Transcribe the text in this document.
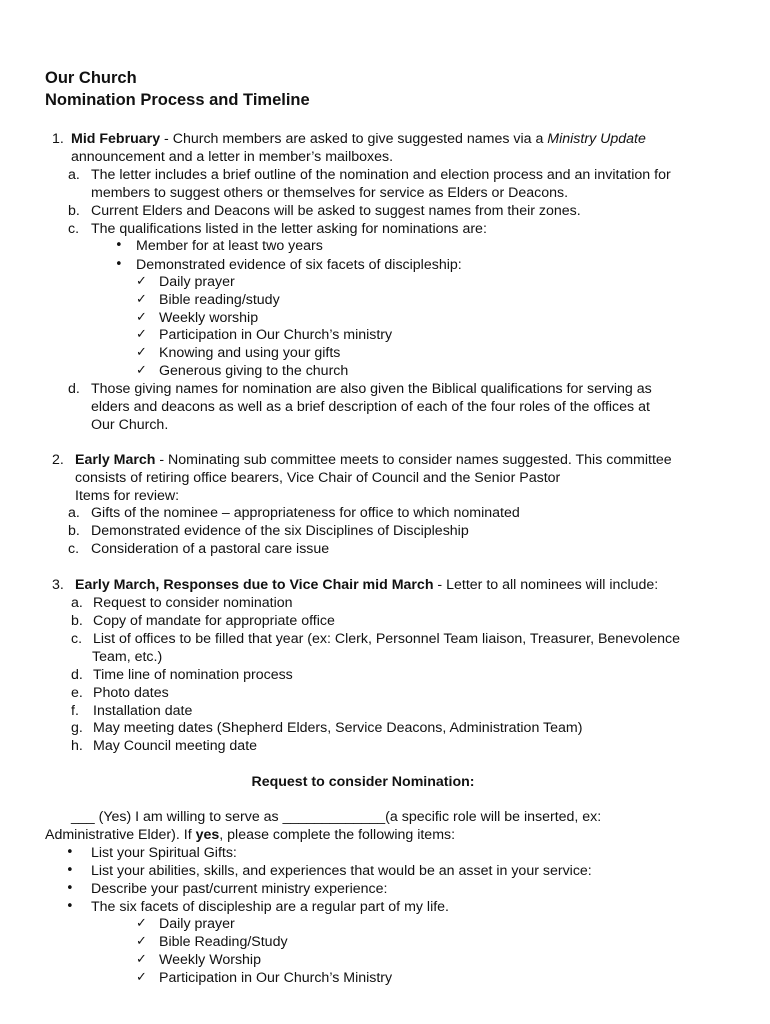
Our Church
Nomination Process and Timeline
1. Mid February - Church members are asked to give suggested names via a Ministry Update
announcement and a letter in member’s mailboxes.
a. The letter includes a brief outline of the nomination and election process and an invitation for
members to suggest others or themselves for service as Elders or Deacons.
b. Current Elders and Deacons will be asked to suggest names from their zones.
c. The qualifications listed in the letter asking for nominations are:
• Member for at least two years
• Demonstrated evidence of six facets of discipleship:
✓ Daily prayer
✓ Bible reading/study
✓ Weekly worship
✓ Participation in Our Church’s ministry
✓ Knowing and using your gifts
✓ Generous giving to the church
d. Those giving names for nomination are also given the Biblical qualifications for serving as
elders and deacons as well as a brief description of each of the four roles of the offices at
Our Church.
2. Early March - Nominating sub committee meets to consider names suggested. This committee
consists of retiring office bearers, Vice Chair of Council and the Senior Pastor
Items for review:
a. Gifts of the nominee – appropriateness for office to which nominated
b. Demonstrated evidence of the six Disciplines of Discipleship
c. Consideration of a pastoral care issue
3. Early March, Responses due to Vice Chair mid March - Letter to all nominees will include:
a. Request to consider nomination
b. Copy of mandate for appropriate office
c. List of offices to be filled that year (ex: Clerk, Personnel Team liaison, Treasurer, Benevolence
Team, etc.)
d. Time line of nomination process
e. Photo dates
f. Installation date
g. May meeting dates (Shepherd Elders, Service Deacons, Administration Team)
h. May Council meeting date
Request to consider Nomination:
___ (Yes) I am willing to serve as _____________(a specific role will be inserted, ex:
Administrative Elder). If yes, please complete the following items:
• List your Spiritual Gifts:
• List your abilities, skills, and experiences that would be an asset in your service:
• Describe your past/current ministry experience:
• The six facets of discipleship are a regular part of my life.
✓ Daily prayer
✓ Bible Reading/Study
✓ Weekly Worship
✓ Participation in Our Church’s Ministry
